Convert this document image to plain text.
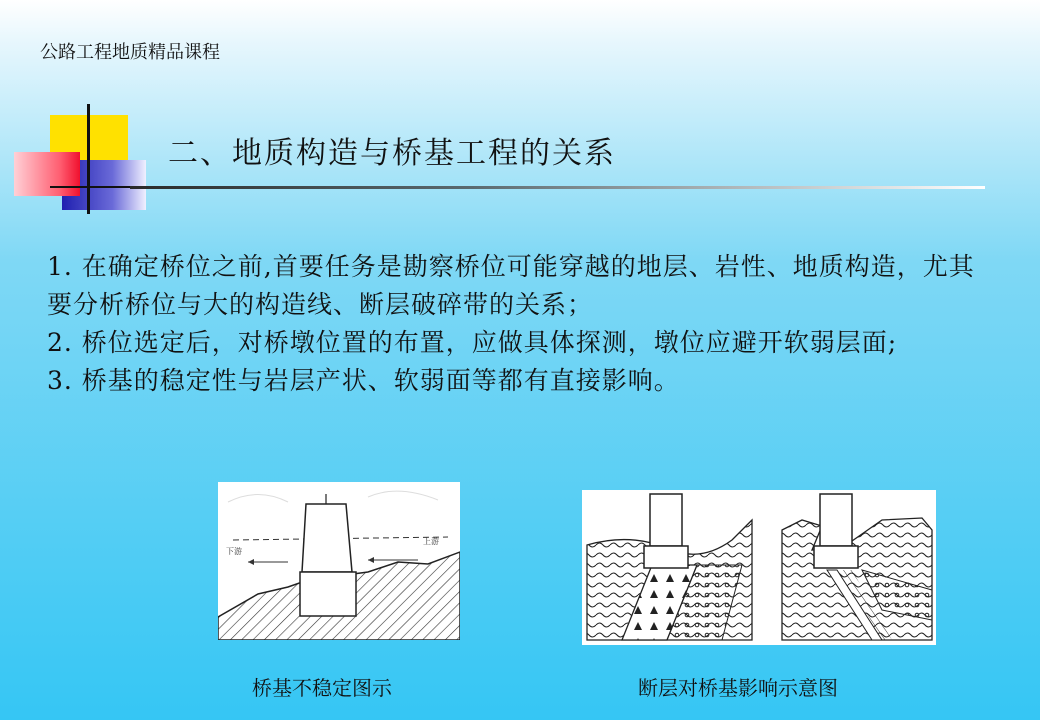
公路工程地质精品课程
二、地质构造与桥基工程的关系

1. 在确定桥位之前,首要任务是勘察桥位可能穿越的地层、岩性、地质构造，尤其要分析桥位与大的构造线、断层破碎带的关系；

2. 桥位选定后，对桥墩位置的布置，应做具体探测，墩位应避开软弱层面;

3. 桥基的稳定性与岩层产状、软弱面等都有直接影响。

下游
上游
桥基不稳定图示	断层对桥基影响示意图
